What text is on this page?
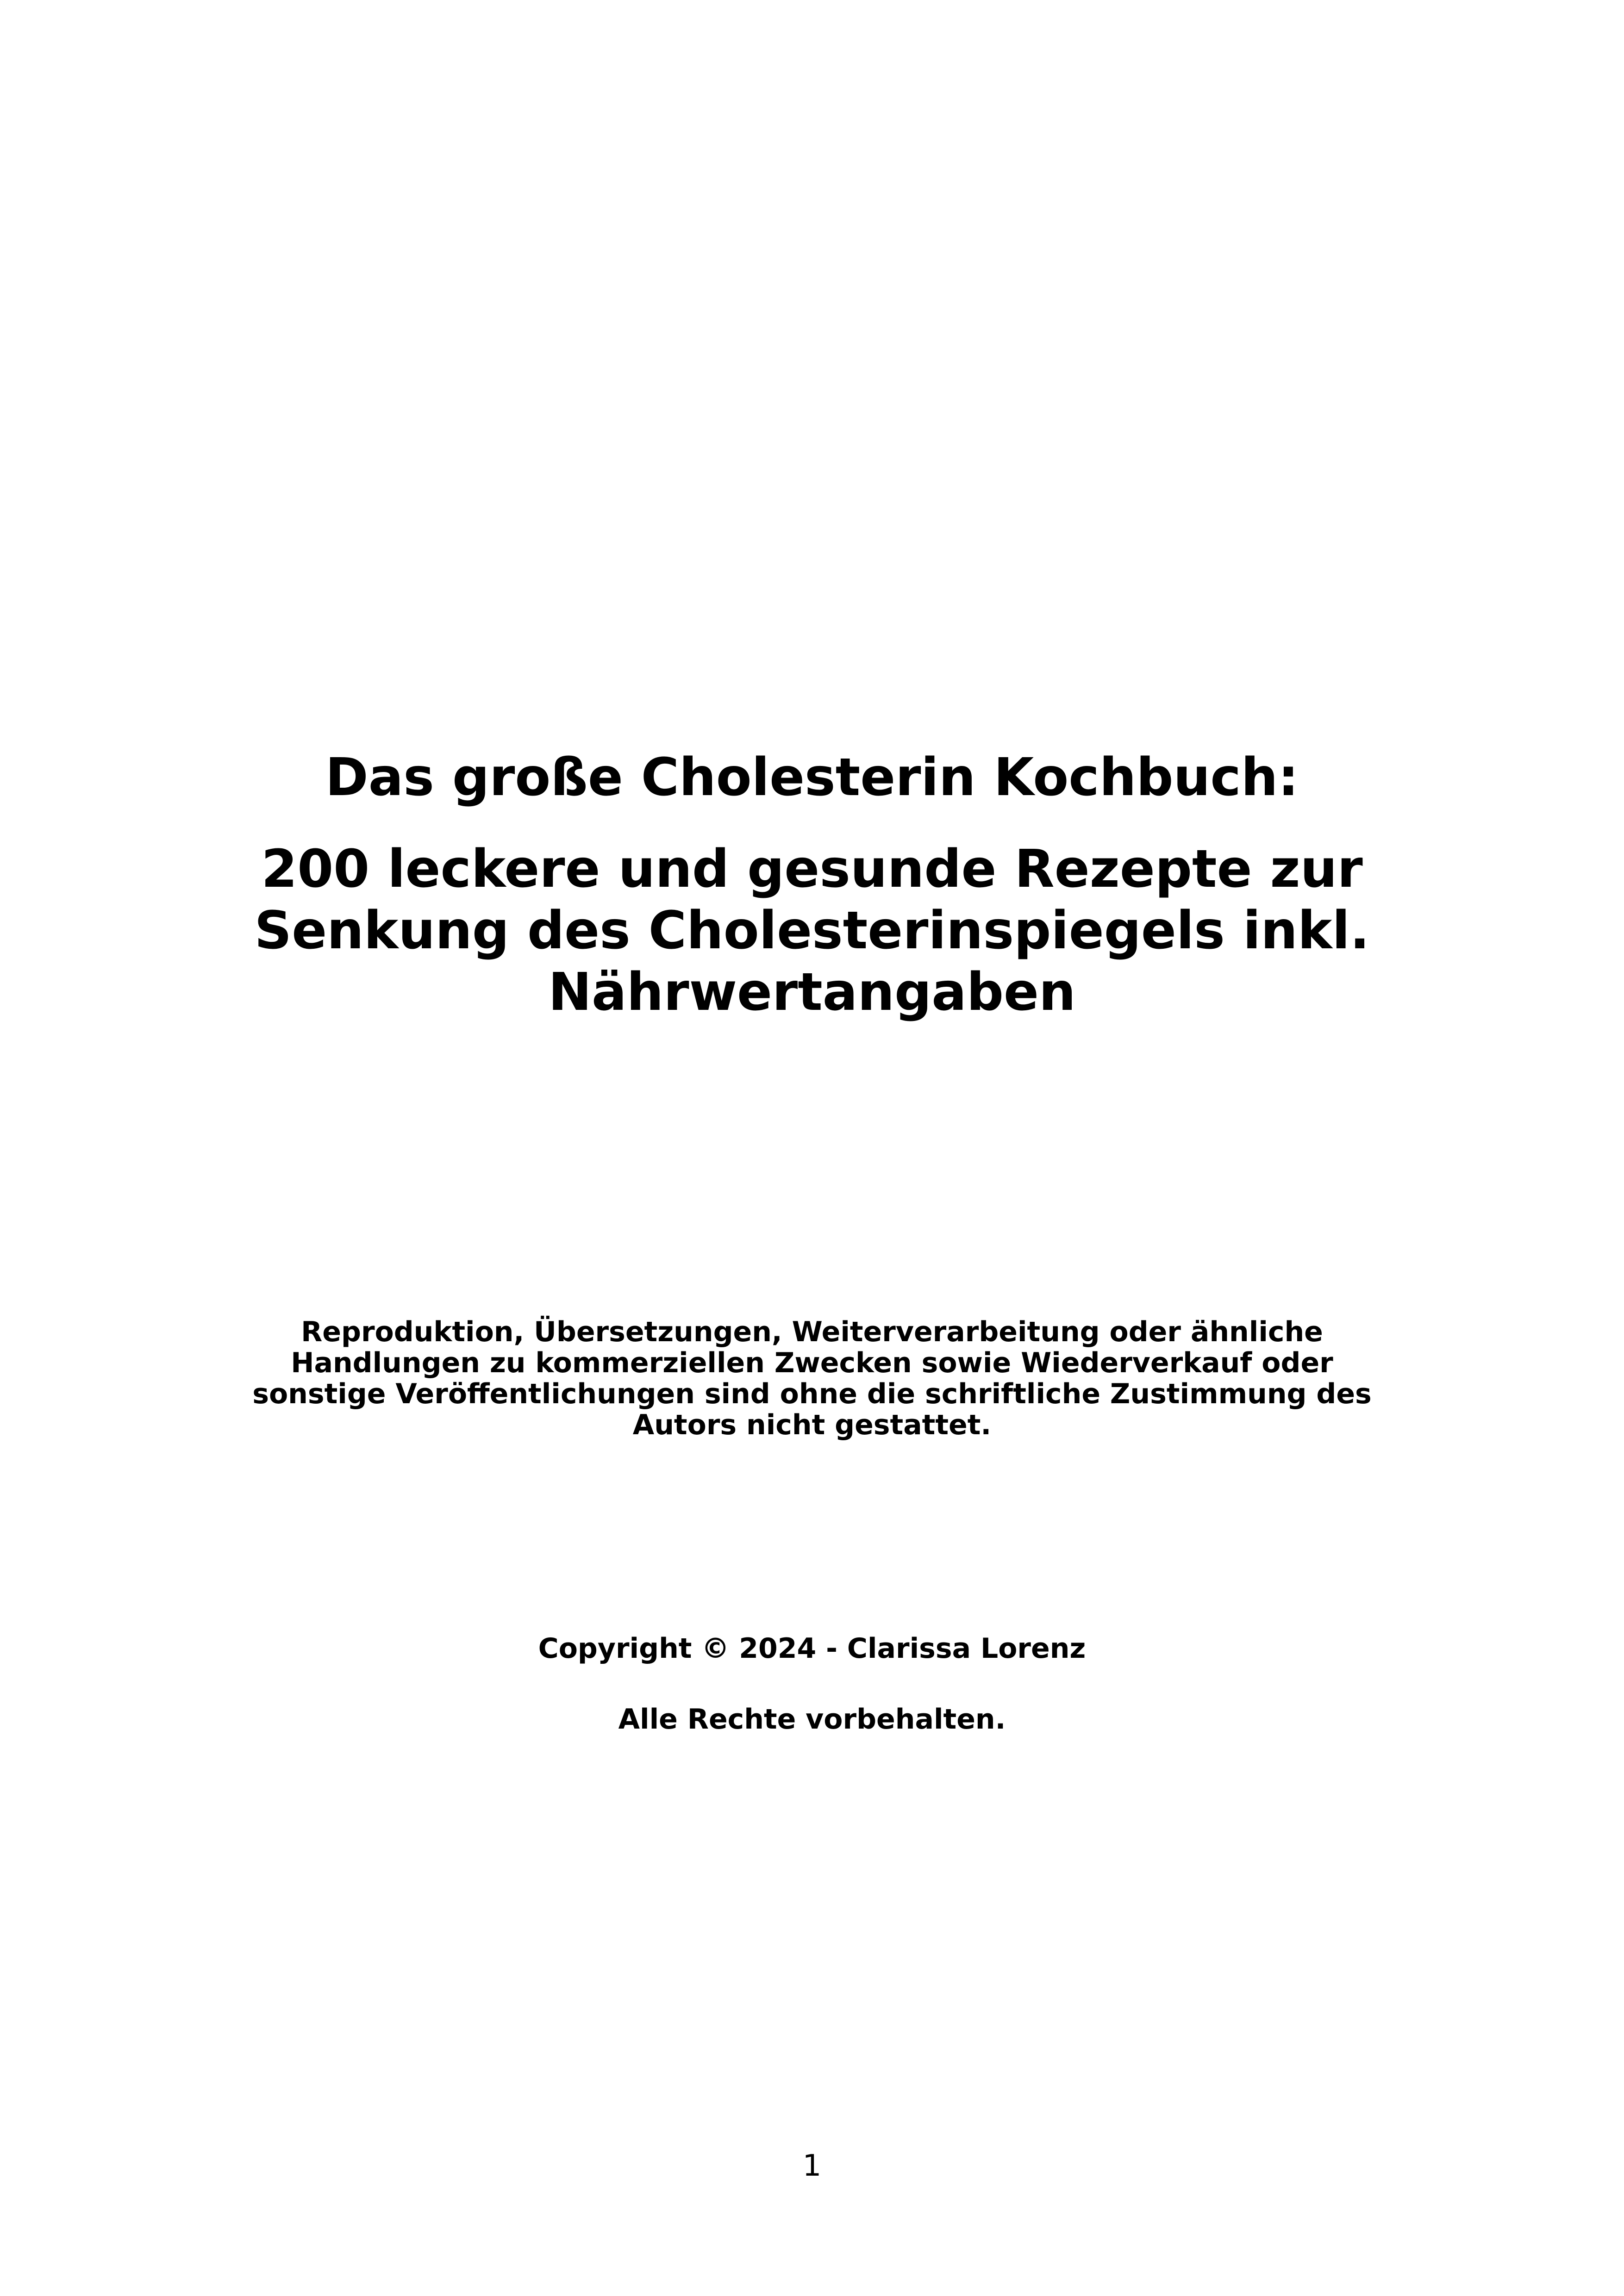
Das große Cholesterin Kochbuch:
200 leckere und gesunde Rezepte zur Senkung des Cholesterinspiegels inkl. Nährwertangaben

Reproduktion, Übersetzungen, Weiterverarbeitung oder ähnliche Handlungen zu kommerziellen Zwecken sowie Wiederverkauf oder sonstige Veröffentlichungen sind ohne die schriftliche Zustimmung des Autors nicht gestattet.

Copyright © 2024 - Clarissa Lorenz

Alle Rechte vorbehalten.

1
